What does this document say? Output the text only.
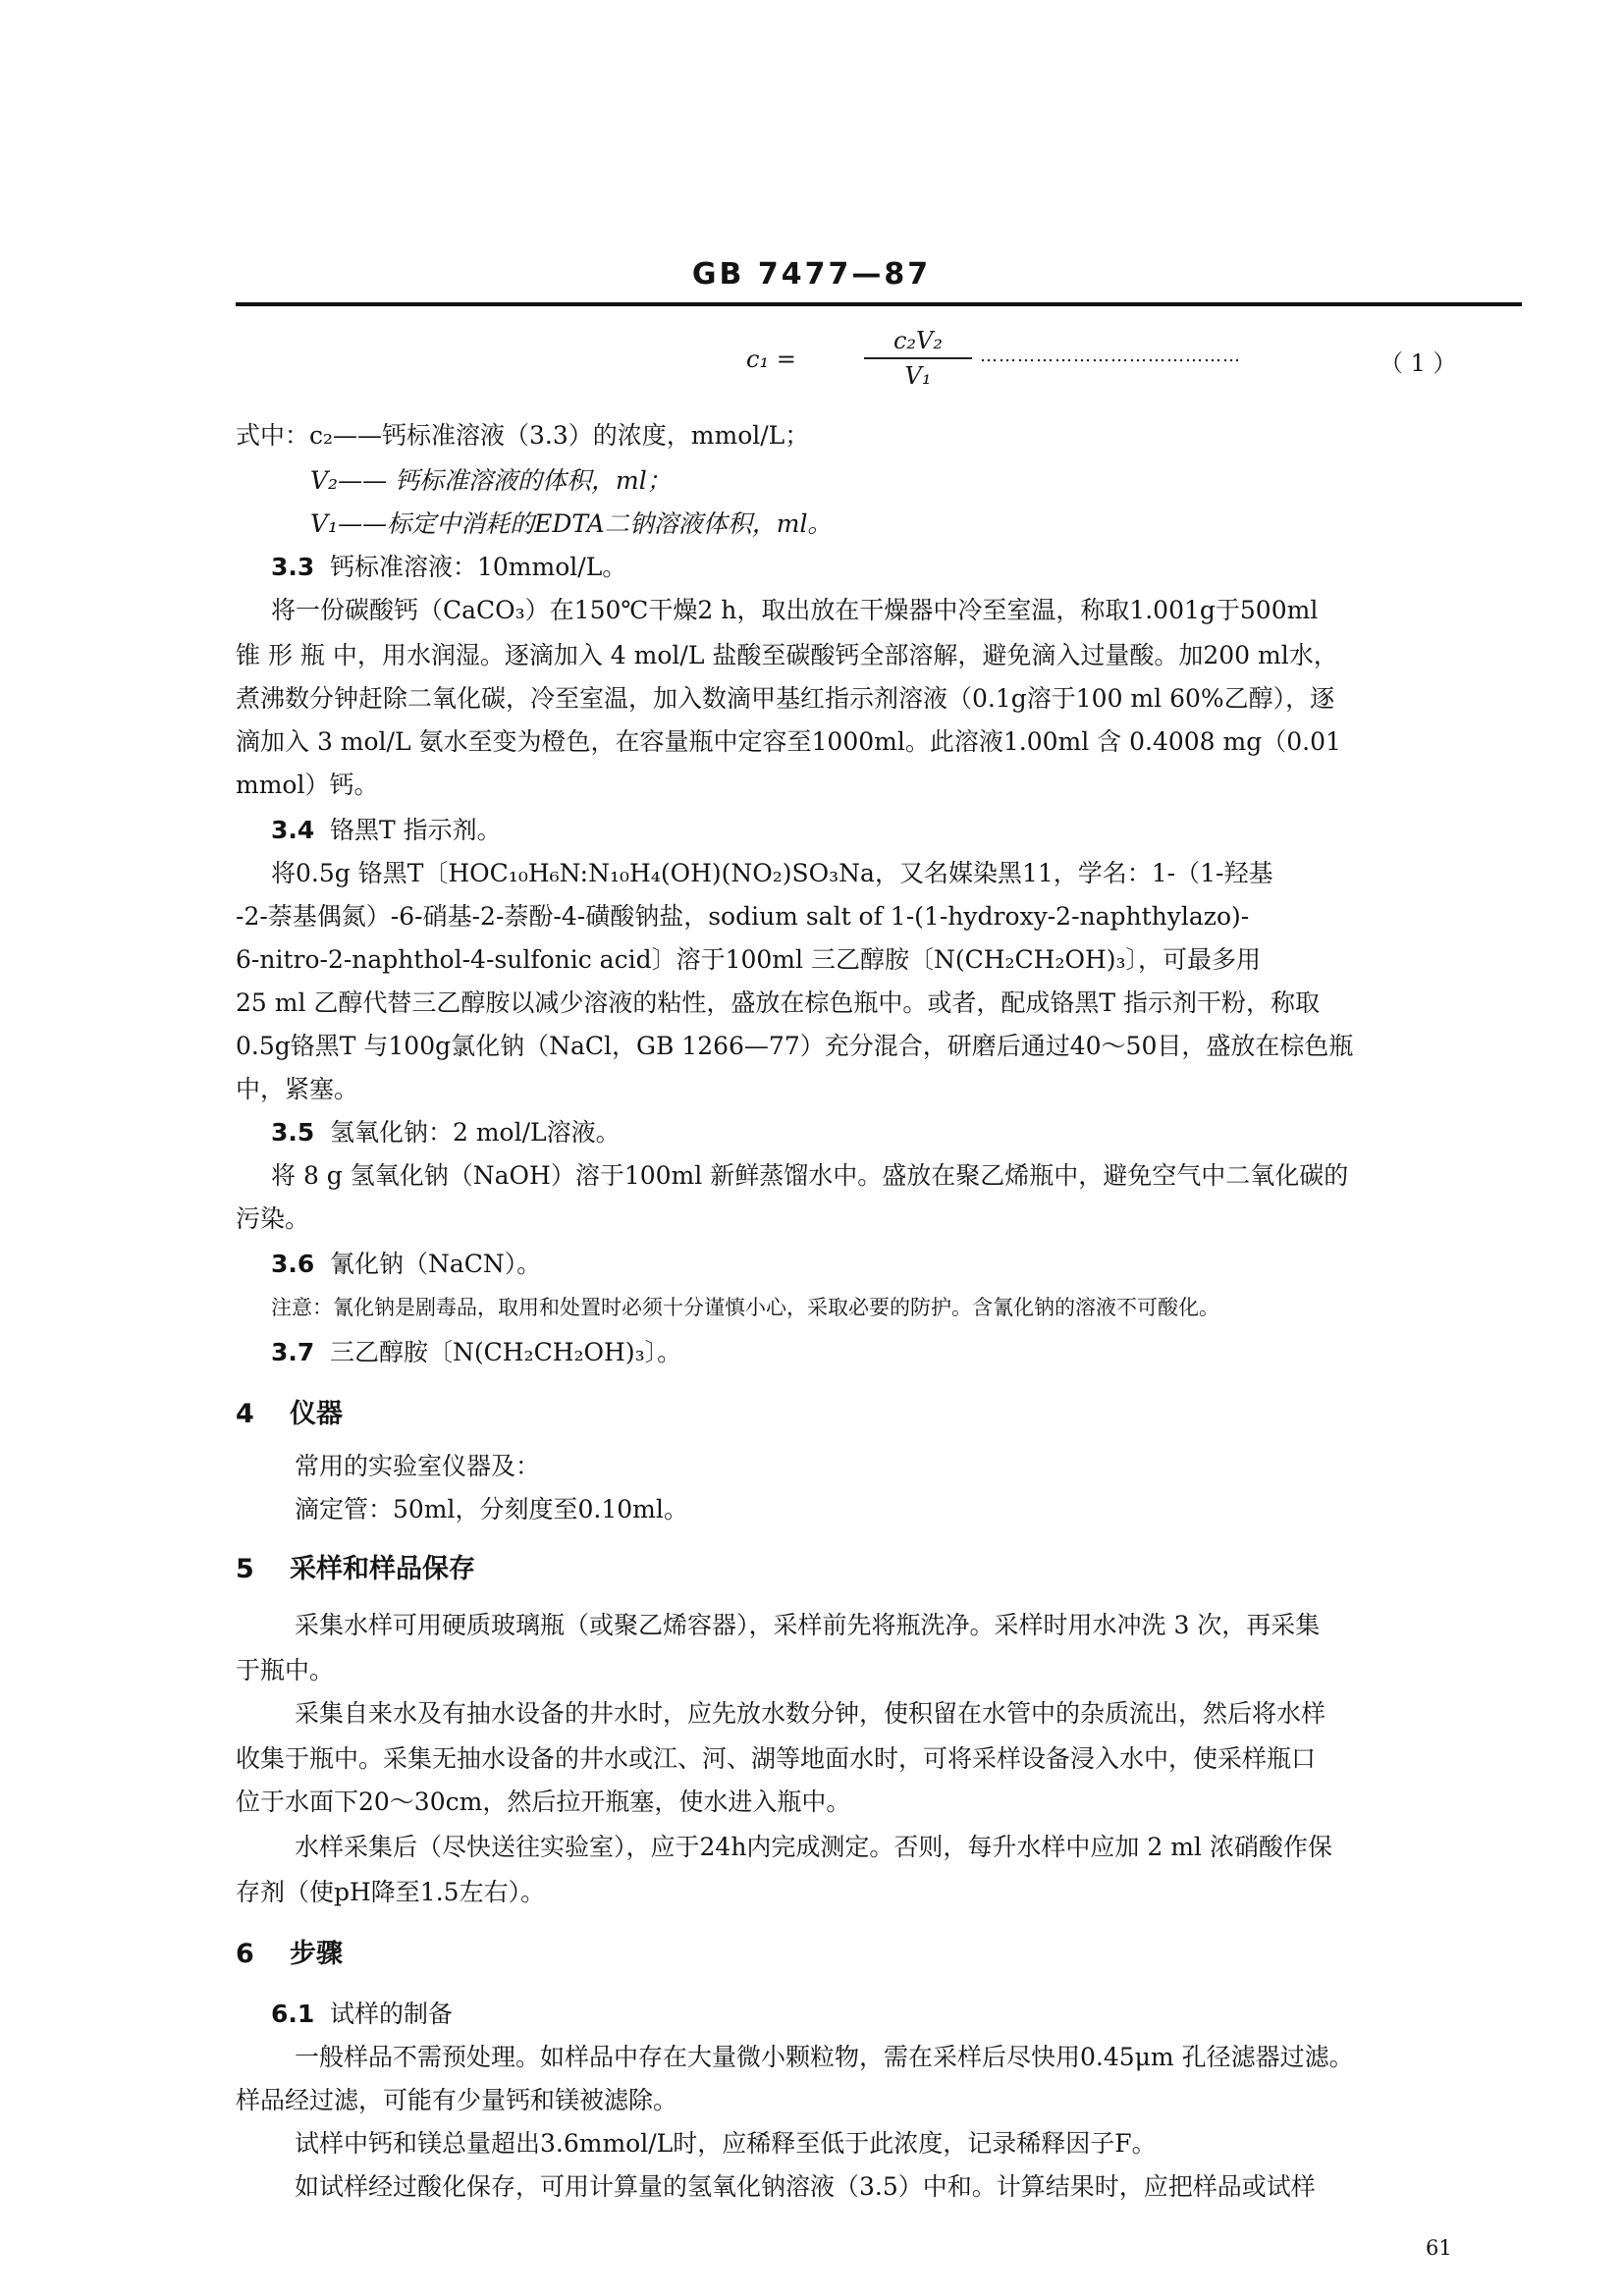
GB 7477—87
c₁ =
c₂V₂
V₁
……………………………………	（ 1 ）
式中：c₂——钙标准溶液（3.3）的浓度，mmol/L；
V₂—— 钙标准溶液的体积，ml；
V₁——标定中消耗的EDTA二钠溶液体积，ml。
3.3 钙标准溶液：10mmol/L。
将一份碳酸钙（CaCO₃）在150℃干燥2 h，取出放在干燥器中冷至室温，称取1.001g于500ml
锥 形 瓶 中，用水润湿。逐滴加入 4 mol/L 盐酸至碳酸钙全部溶解，避免滴入过量酸。加200 ml水，
煮沸数分钟赶除二氧化碳，冷至室温，加入数滴甲基红指示剂溶液（0.1g溶于100 ml 60%乙醇），逐
滴加入 3 mol/L 氨水至变为橙色，在容量瓶中定容至1000ml。此溶液1.00ml 含 0.4008 mg（0.01
mmol）钙。
3.4 铬黑T 指示剂。
将0.5g 铬黑T〔HOC₁₀H₆N:N₁₀H₄(OH)(NO₂)SO₃Na，又名媒染黑11，学名：1-（1-羟基
-2-萘基偶氮）-6-硝基-2-萘酚-4-磺酸钠盐，sodium salt of 1-(1-hydroxy-2-naphthylazo)-
6-nitro-2-naphthol-4-sulfonic acid〕溶于100ml 三乙醇胺〔N(CH₂CH₂OH)₃〕，可最多用
25 ml 乙醇代替三乙醇胺以减少溶液的粘性，盛放在棕色瓶中。或者，配成铬黑T 指示剂干粉，称取
0.5g铬黑T 与100g氯化钠（NaCl，GB 1266—77）充分混合，研磨后通过40～50目，盛放在棕色瓶
中，紧塞。
3.5 氢氧化钠：2 mol/L溶液。
将 8 g 氢氧化钠（NaOH）溶于100ml 新鲜蒸馏水中。盛放在聚乙烯瓶中，避免空气中二氧化碳的
污染。
3.6 氰化钠（NaCN）。
注意：氰化钠是剧毒品，取用和处置时必须十分谨慎小心，采取必要的防护。含氰化钠的溶液不可酸化。
3.7 三乙醇胺〔N(CH₂CH₂OH)₃〕。
4 仪器
常用的实验室仪器及：
滴定管：50ml，分刻度至0.10ml。
5 采样和样品保存
采集水样可用硬质玻璃瓶（或聚乙烯容器），采样前先将瓶洗净。采样时用水冲洗 3 次，再采集
于瓶中。
采集自来水及有抽水设备的井水时，应先放水数分钟，使积留在水管中的杂质流出，然后将水样
收集于瓶中。采集无抽水设备的井水或江、河、湖等地面水时，可将采样设备浸入水中，使采样瓶口
位于水面下20～30cm，然后拉开瓶塞，使水进入瓶中。
水样采集后（尽快送往实验室），应于24h内完成测定。否则，每升水样中应加 2 ml 浓硝酸作保
存剂（使pH降至1.5左右）。
6 步骤
6.1 试样的制备
一般样品不需预处理。如样品中存在大量微小颗粒物，需在采样后尽快用0.45μm 孔径滤器过滤。
样品经过滤，可能有少量钙和镁被滤除。
试样中钙和镁总量超出3.6mmol/L时，应稀释至低于此浓度，记录稀释因子F。
如试样经过酸化保存，可用计算量的氢氧化钠溶液（3.5）中和。计算结果时，应把样品或试样
61
